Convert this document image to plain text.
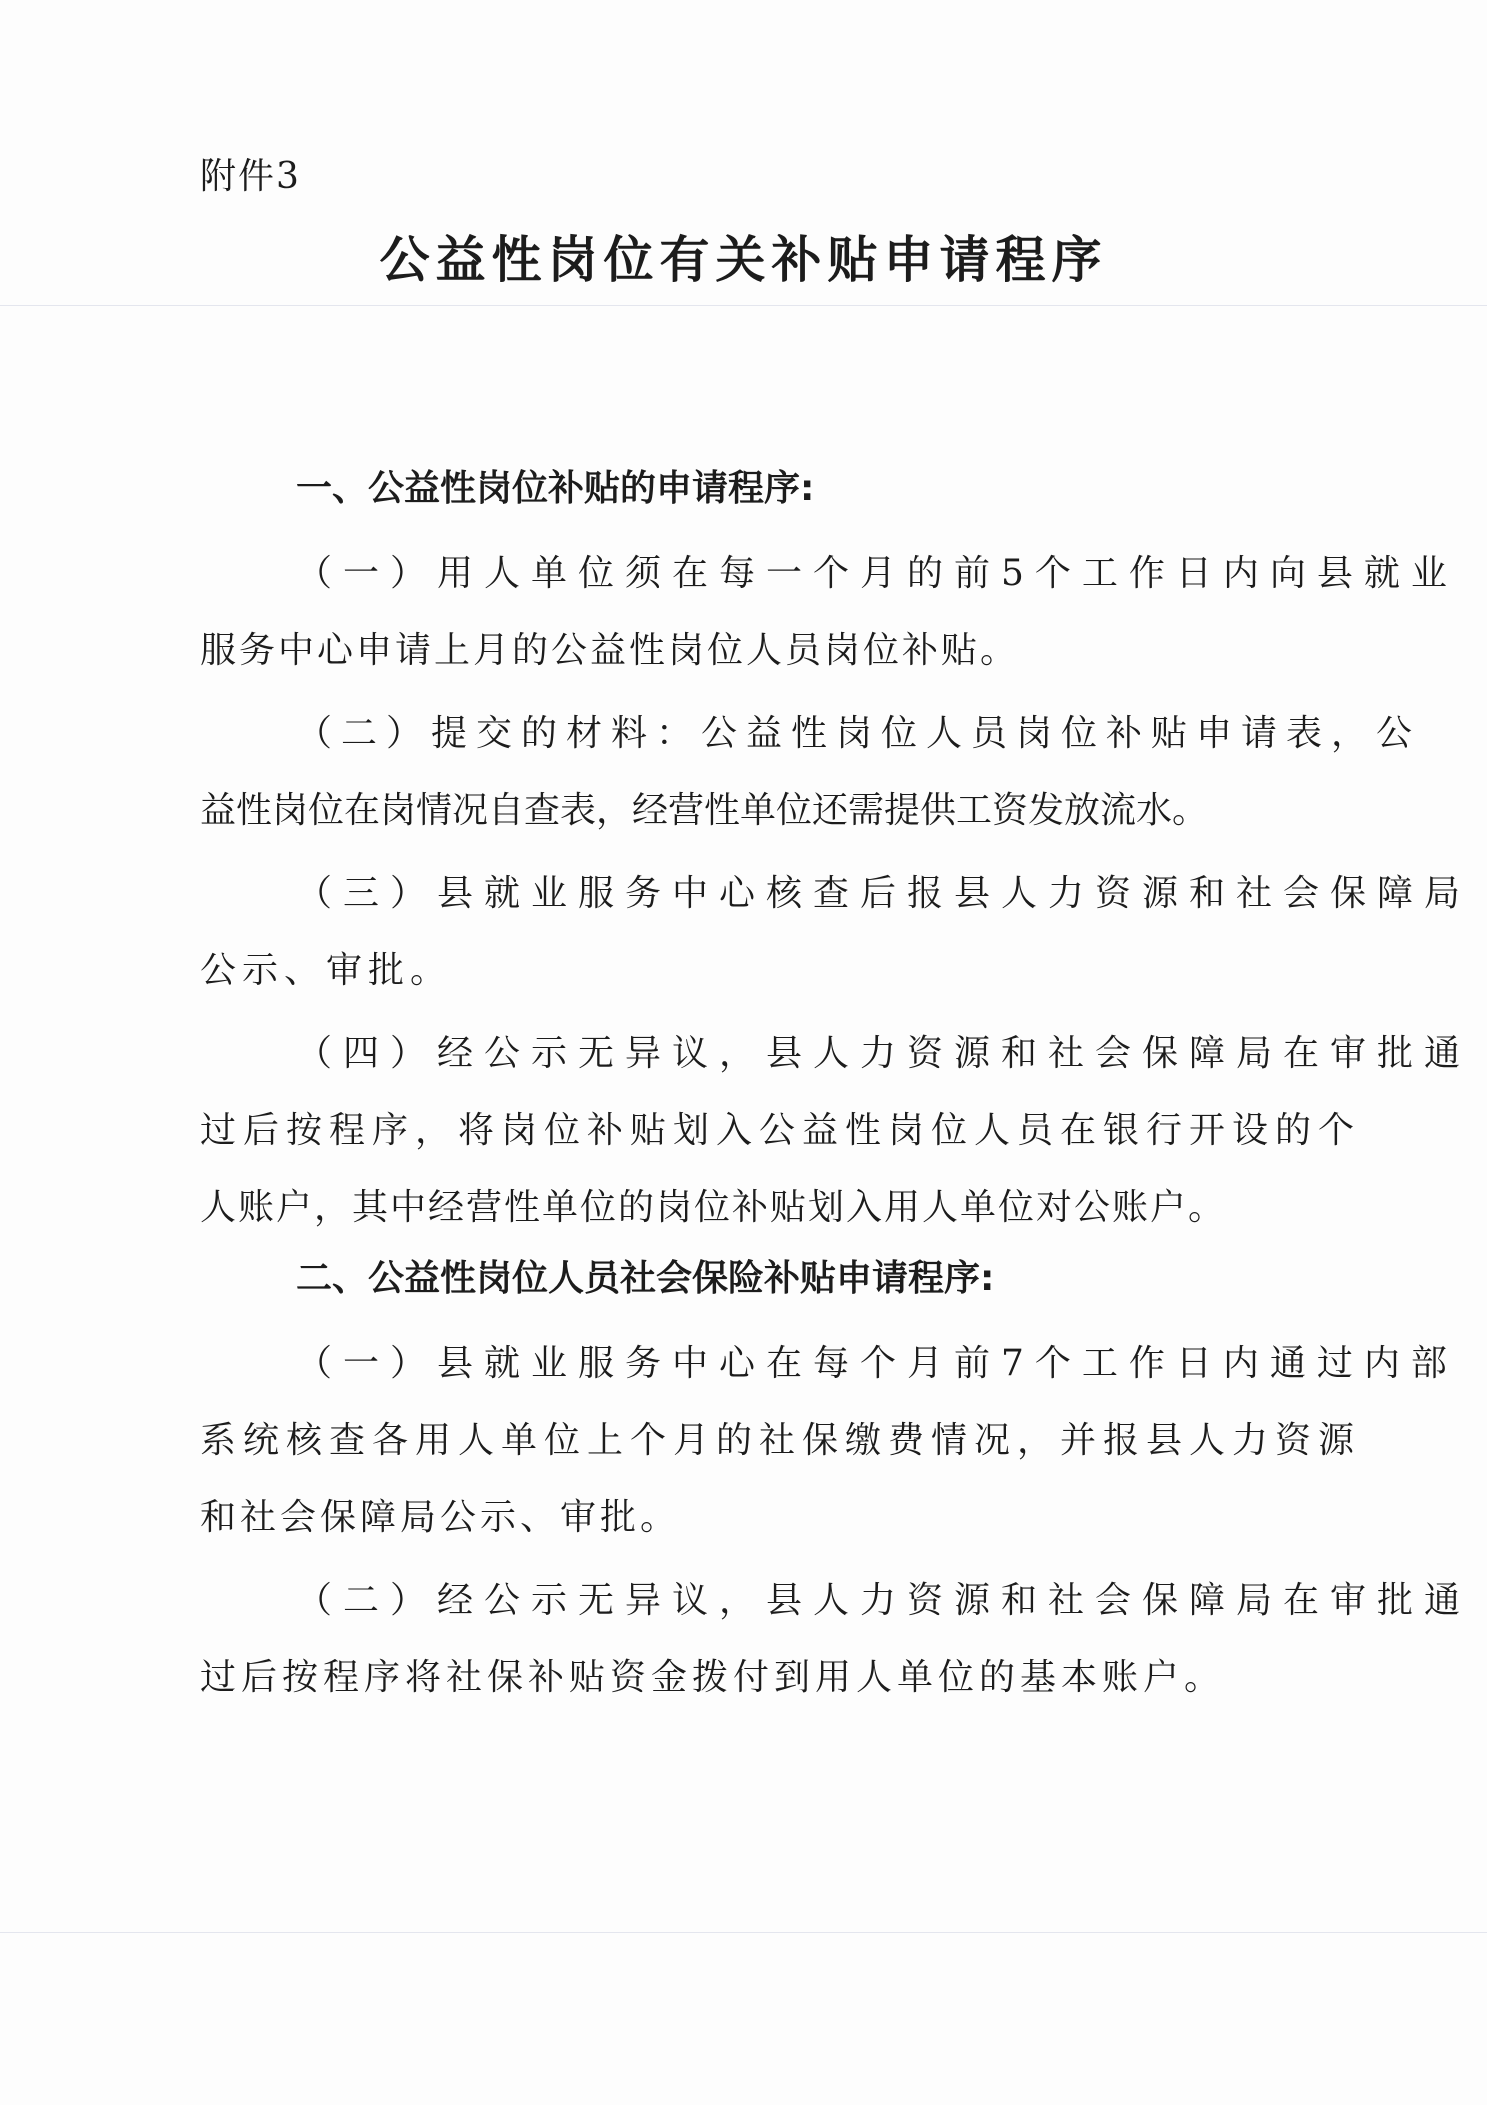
附件3
公益性岗位有关补贴申请程序
一、公益性岗位补贴的申请程序:
（一）用人单位须在每一个月的前5个工作日内向县就业
服务中心申请上月的公益性岗位人员岗位补贴。
（二）提交的材料：公益性岗位人员岗位补贴申请表，公
益性岗位在岗情况自查表，经营性单位还需提供工资发放流水。
（三）县就业服务中心核查后报县人力资源和社会保障局
公示、审批。
（四）经公示无异议，县人力资源和社会保障局在审批通
过后按程序，将岗位补贴划入公益性岗位人员在银行开设的个
人账户，其中经营性单位的岗位补贴划入用人单位对公账户。
二、公益性岗位人员社会保险补贴申请程序:
（一）县就业服务中心在每个月前7个工作日内通过内部
系统核查各用人单位上个月的社保缴费情况，并报县人力资源
和社会保障局公示、审批。
（二）经公示无异议，县人力资源和社会保障局在审批通
过后按程序将社保补贴资金拨付到用人单位的基本账户。
